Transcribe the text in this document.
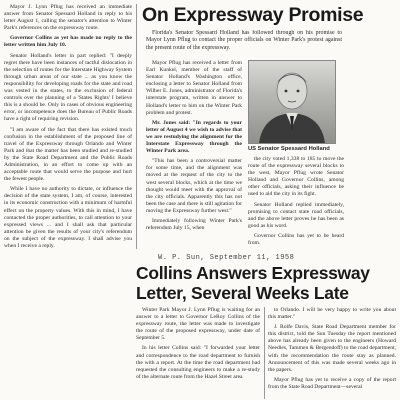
Mayor J. Lynn Pflug has received an immediate answer from Senator Spessard Holland in reply to his letter August 1, calling the senator's attention to Winter Park's references on the expressway route.

Governor Collins as yet has made no reply to the letter written him July 10.

Senator Holland's letter in part replied: "I deeply regret there have been instances of tactful dislocation in the selection of routes for the Interstate Highway System through urban areas of our state ... as you know the responsibility for developing roads for the state and road was vested in the states, to the exclusion of federal controls over the planning of a 'States Rights' I believe this is a should be. Only in cases of obvious engineering error, or incompetence does the Bureau of Public Roads have a right of requiring revision.

"I am aware of the fact that there has existed much confusion in the establishment of the proposed line of travel of the Expressway through Orlando and Winter Park and that the matter has been studied and re-studied by the State Road Department and the Public Roads Administration, in an effort to come up with an acceptable route that would serve the purpose and hurt the fewest people.

While I have no authority to dictate, or influence the decision of the state system, I am, of course, interested in its economic construction with a minimum of harmful effect on the property values. With this in mind, I have contacted the proper authorities, to call attention to your expressed views ... and I shall ask that particular attention be given the results of your city's referendum on the subject of the expressway. I shall advise you when I receive a reply.

On Expressway Promise

Florida's Senator Spessard Holland has followed through on his promise to Mayor Lynn Pflug to contact the proper officials on Winter Park's protest against the present route of the expressway.

Mayor Pflug has received a letter from Earl Kunkel, member of the staff of Senator Holland's Washington office, enclosing a letter to Senator Holland from Wilber E. Jones, administrator of Florida's interstate program, written in answer to Holland's letter to him on the Winter Park problem and protest.

Mr. Jones said: "In regards to your letter of August 4 we wish to advise that we are restudying the alignment for the Interstate Expressway through the Winter Park area.

"This has been a controversial matter for some time, and the alignment was moved at the request of the city to the west several blocks, which at the time we thought would meet with the approval of the city officials. Apparently this has not been the case and there is still agitation for moving the Expressway further west."

Immediately following Winter Park's referendum July 15, when

US Senator Spessard Holland

the city voted 1,338 to 185 to move the route of the expressway several blocks to the west, Mayor Pflug wrote Senator Holland and Governor Collins, among other officials, asking their influence be used to aid the city in its fight.

Senator Holland replied immediately, promising to contact state road officials, and the above letter proves he has been as good as his word.

Governor Collins has yet to be heard from.

W. P. Sun, September 11, 1958
Collins Answers Expressway Letter, Several Weeks Late

Winter Park Mayor J. Lynn Pflug is waiting for an answer to a letter to Governor LeRoy Collins of the expressway route, the letter was made to investigate the route of the proposed expressway, under date of September 5.

In his letter Collins said: "I forwarded your letter and correspondence to the road department to furnish the with a report. At the time the road department had requested the consulting engineers to make a re-study of the alternate route from the Hazel Street area

to Orlando. I will be very happy to write you about this matter."

J. Rolfe Davis, State Road Department member for this district, told the Sun Tuesday the report mentioned above has already been given to the engineers (Howard Needles, Tammen & Bergendoff) to the road department, with the recommendation the route stay as planned. Announcement of this was made several weeks ago in the papers.

Mayor Pflug has yet to receive a copy of the report from the State Road Department—several
